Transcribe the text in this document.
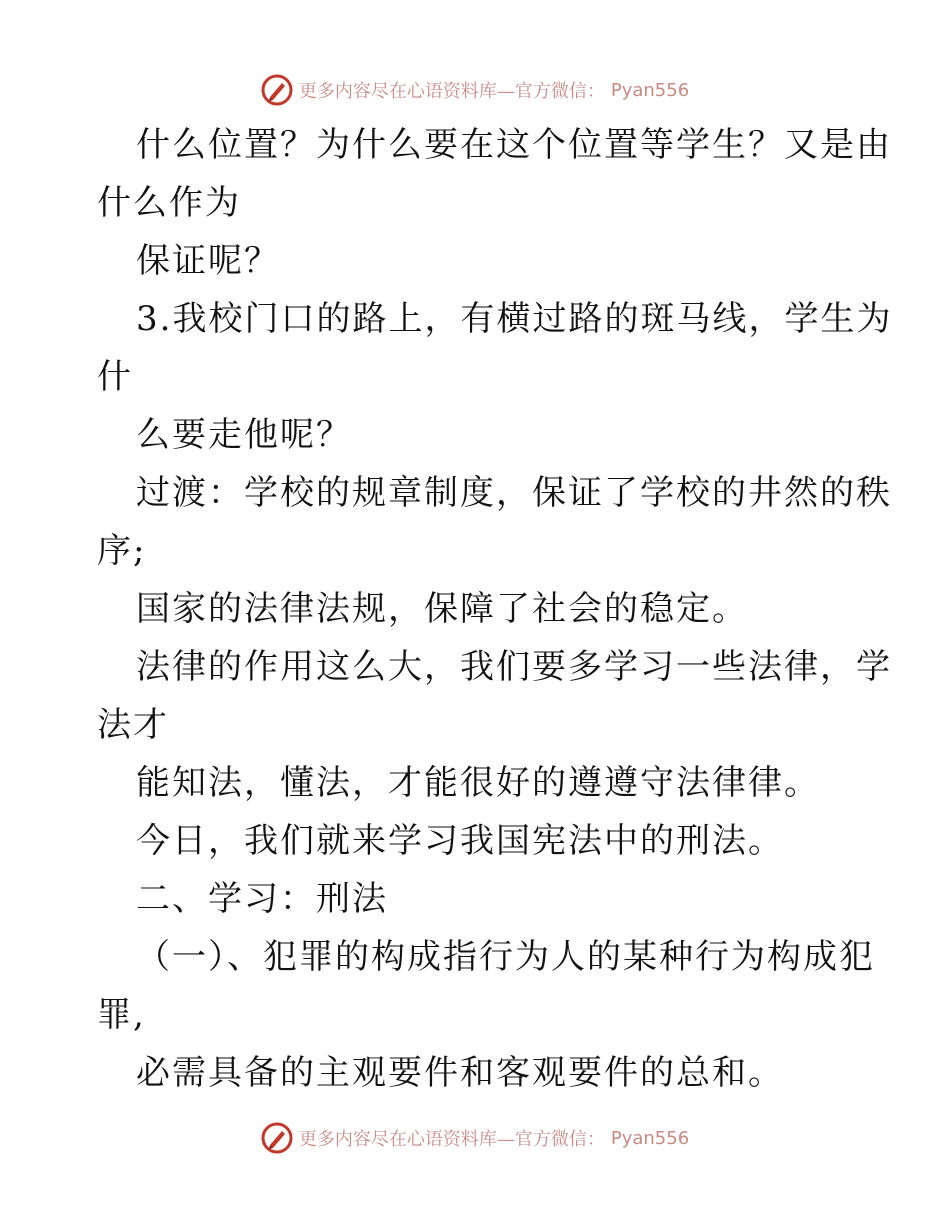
更多内容尽在心语资料库—官方微信： Pyan556
什么位置？为什么要在这个位置等学生？又是由
什么作为
保证呢？
3.我校门口的路上，有横过路的斑马线，学生为
什
么要走他呢？
过渡：学校的规章制度，保证了学校的井然的秩
序;
国家的法律法规，保障了社会的稳定。
法律的作用这么大，我们要多学习一些法律，学
法才
能知法，懂法，才能很好的遵遵守法律律。
今日，我们就来学习我国宪法中的刑法。
二、学习：刑法
（一）、犯罪的构成指行为人的某种行为构成犯
罪,
必需具备的主观要件和客观要件的总和。
更多内容尽在心语资料库—官方微信： Pyan556
